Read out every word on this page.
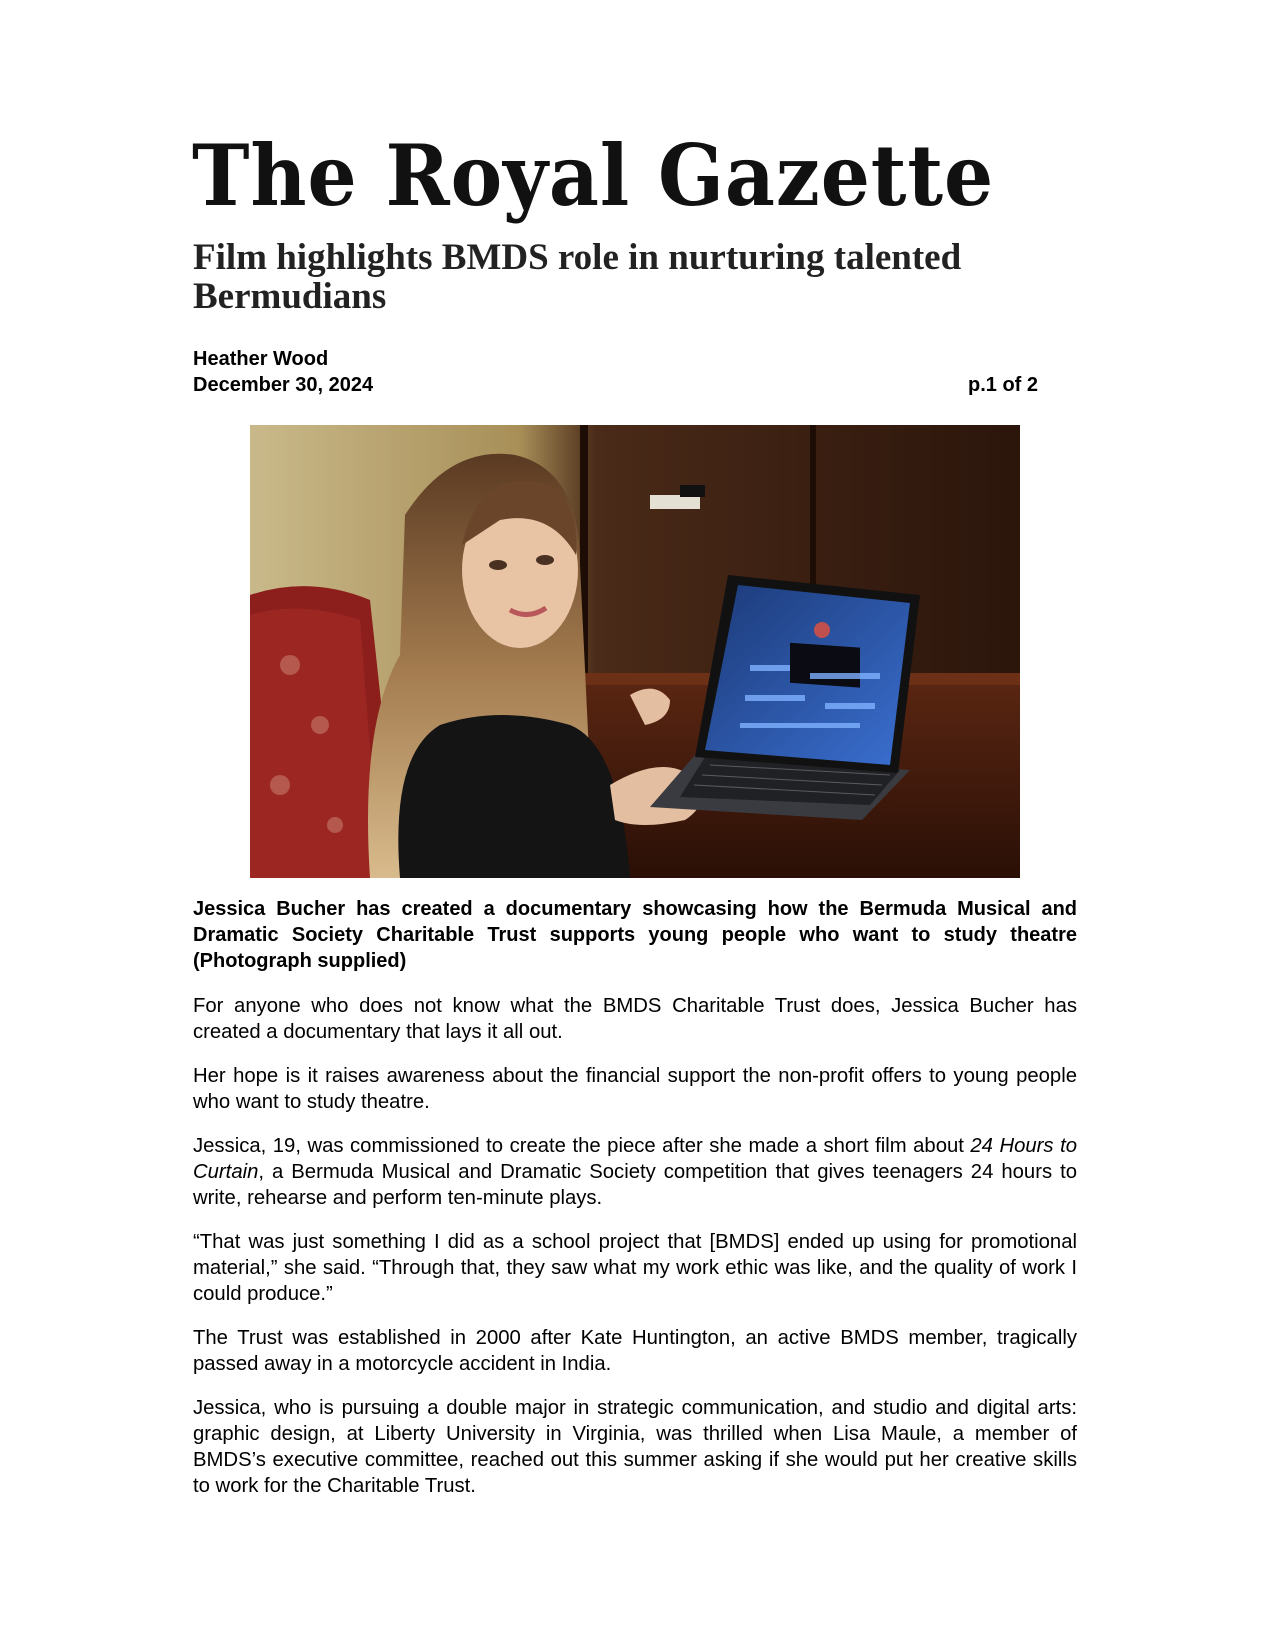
The Royal Gazette
Film highlights BMDS role in nurturing talented Bermudians
Heather Wood
December 30, 2024	p.1 of 2
Jessica Bucher has created a documentary showcasing how the Bermuda Musical and Dramatic Society Charitable Trust supports young people who want to study theatre (Photograph supplied)

For anyone who does not know what the BMDS Charitable Trust does, Jessica Bucher has created a documentary that lays it all out.

Her hope is it raises awareness about the financial support the non-profit offers to young people who want to study theatre.

Jessica, 19, was commissioned to create the piece after she made a short film about 24 Hours to Curtain, a Bermuda Musical and Dramatic Society competition that gives teenagers 24 hours to write, rehearse and perform ten-minute plays.

“That was just something I did as a school project that [BMDS] ended up using for promotional material,” she said. “Through that, they saw what my work ethic was like, and the quality of work I could produce.”

The Trust was established in 2000 after Kate Huntington, an active BMDS member, tragically passed away in a motorcycle accident in India.

Jessica, who is pursuing a double major in strategic communication, and studio and digital arts: graphic design, at Liberty University in Virginia, was thrilled when Lisa Maule, a member of BMDS’s executive committee, reached out this summer asking if she would put her creative skills to work for the Charitable Trust.
